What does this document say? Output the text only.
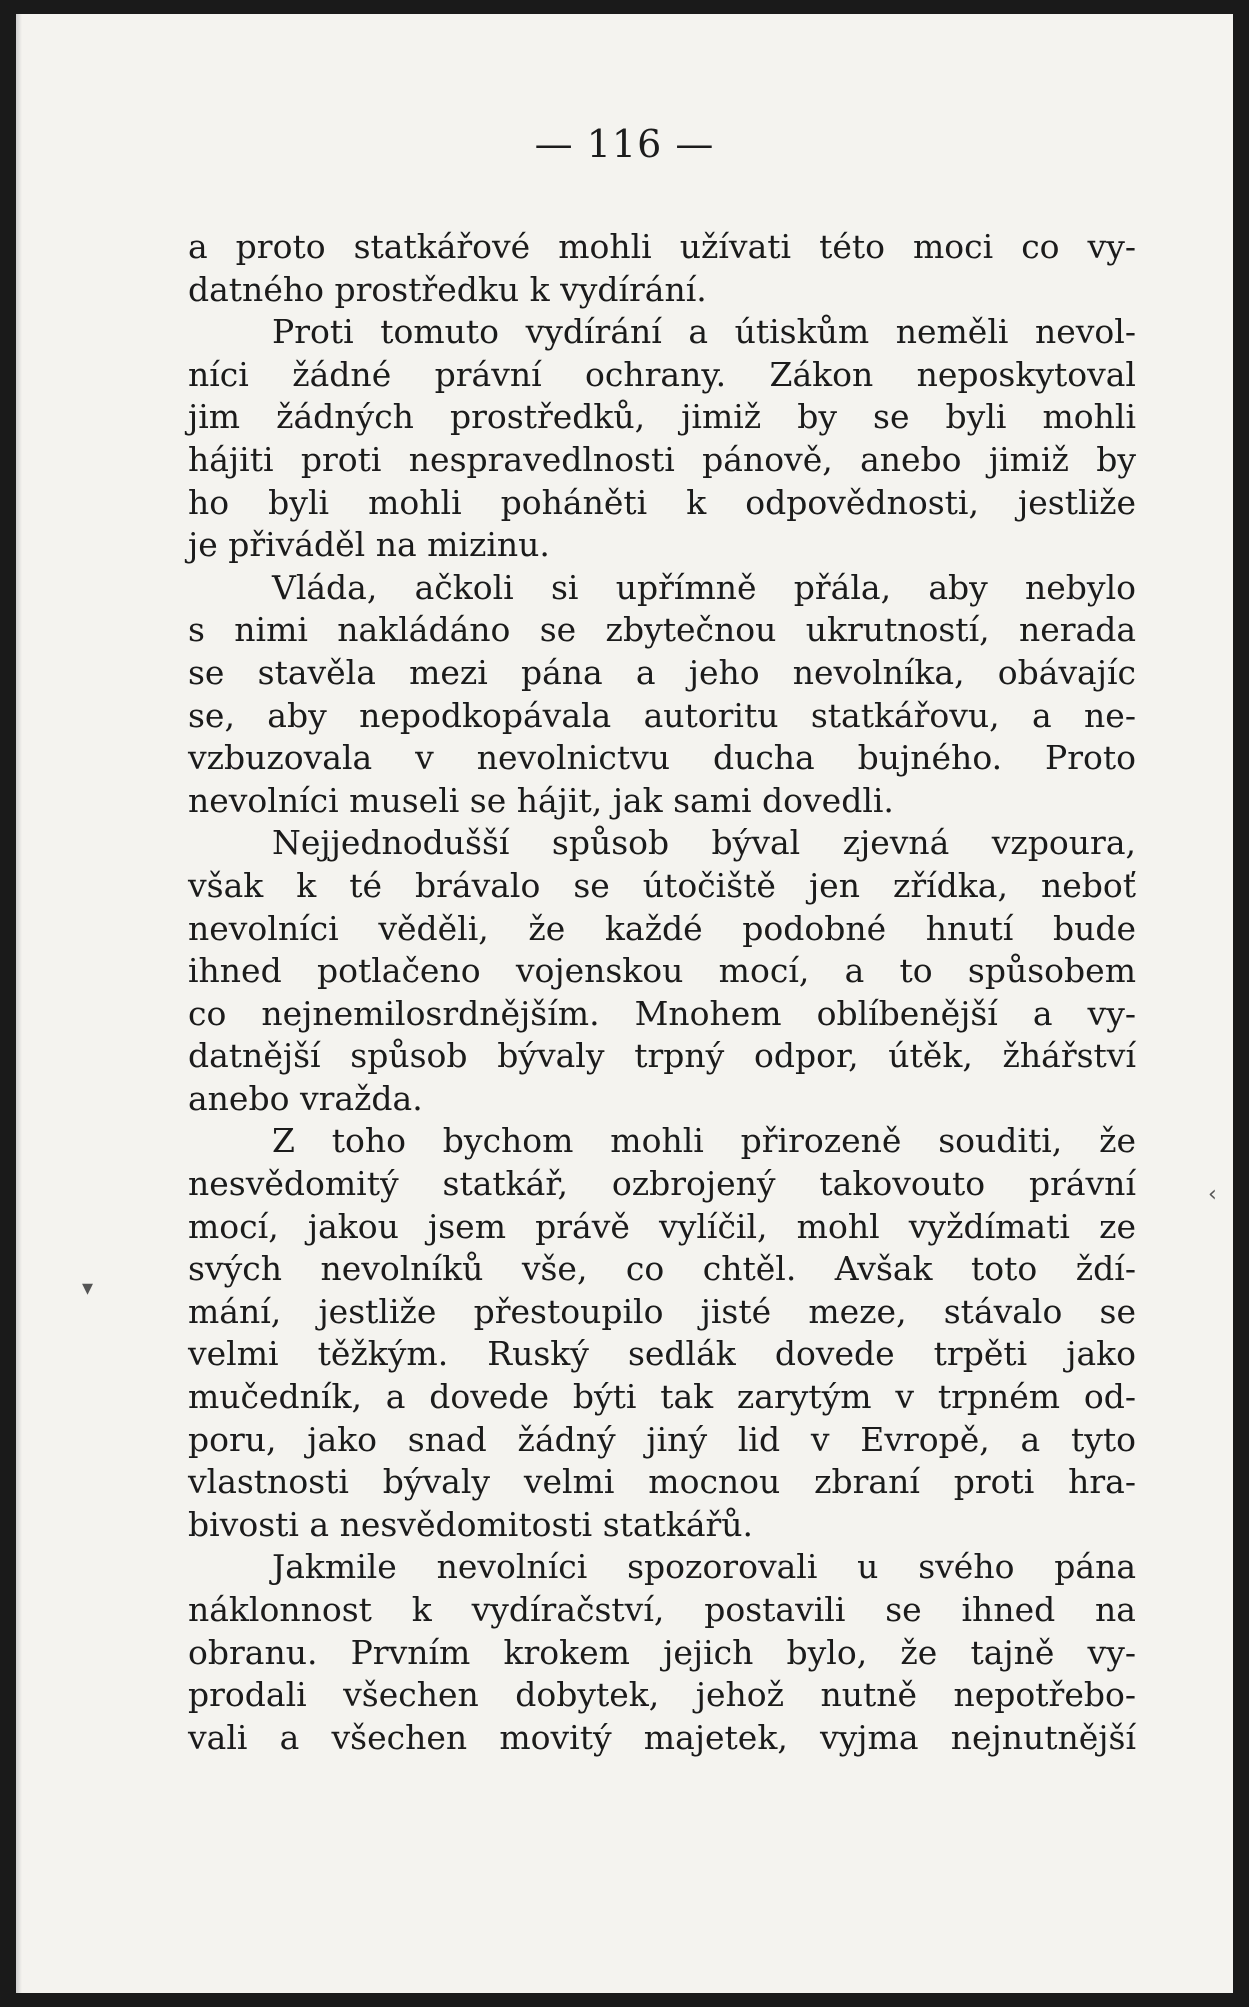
— 116 —
a proto statkářové mohli užívati této moci co vy-
datného prostředku k vydírání.
Proti tomuto vydírání a útiskům neměli nevol-
níci žádné právní ochrany. Zákon neposkytoval
jim žádných prostředků, jimiž by se byli mohli
hájiti proti nespravedlnosti pánově, anebo jimiž by
ho byli mohli poháněti k odpovědnosti, jestliže
je přiváděl na mizinu.
Vláda, ačkoli si upřímně přála, aby nebylo
s nimi nakládáno se zbytečnou ukrutností, nerada
se stavěla mezi pána a jeho nevolníka, obávajíc
se, aby nepodkopávala autoritu statkářovu, a ne-
vzbuzovala v nevolnictvu ducha bujného. Proto
nevolníci museli se hájit, jak sami dovedli.
Nejjednodušší spůsob býval zjevná vzpoura,
však k té brávalo se útočiště jen zřídka, neboť
nevolníci věděli, že každé podobné hnutí bude
ihned potlačeno vojenskou mocí, a to spůsobem
co nejnemilosrdnějším. Mnohem oblíbenější a vy-
datnější spůsob bývaly trpný odpor, útěk, žhářství
anebo vražda.
Z toho bychom mohli přirozeně souditi, že
nesvědomitý statkář, ozbrojený takovouto právní
mocí, jakou jsem právě vylíčil, mohl vyždímati ze
svých nevolníků vše, co chtěl. Avšak toto ždí-
mání, jestliže přestoupilo jisté meze, stávalo se
velmi těžkým. Ruský sedlák dovede trpěti jako
mučedník, a dovede býti tak zarytým v trpném od-
poru, jako snad žádný jiný lid v Evropě, a tyto
vlastnosti bývaly velmi mocnou zbraní proti hra-
bivosti a nesvědomitosti statkářů.
Jakmile nevolníci spozorovali u svého pána
náklonnost k vydíračství, postavili se ihned na
obranu. Prvním krokem jejich bylo, že tajně vy-
prodali všechen dobytek, jehož nutně nepotřebo-
vali a všechen movitý majetek, vyjma nejnutnější
▾
‹
